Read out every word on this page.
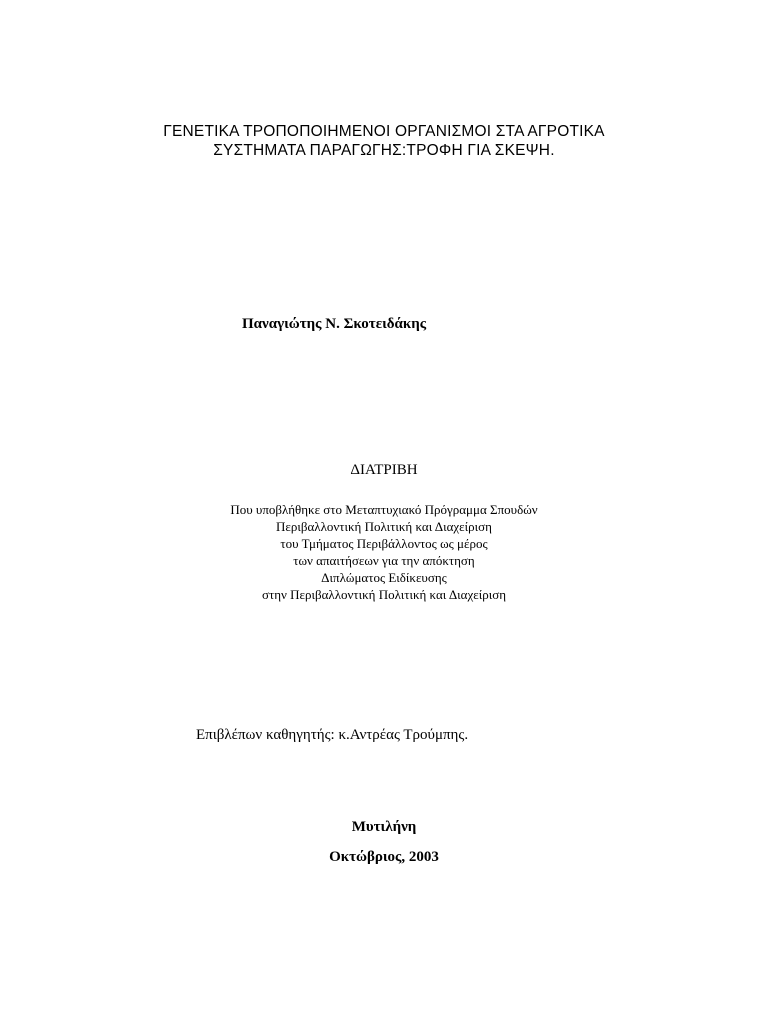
ΓΕΝΕΤΙΚΑ ΤΡΟΠΟΠΟΙΗΜΕΝΟΙ ΟΡΓΑΝΙΣΜΟΙ ΣΤΑ ΑΓΡΟΤΙΚΑ
ΣΥΣΤΗΜΑΤΑ ΠΑΡΑΓΩΓΗΣ:ΤΡΟΦΗ ΓΙΑ ΣΚΕΨΗ.
Παναγιώτης Ν. Σκοτειδάκης
ΔΙΑΤΡΙΒΗ
Που υποβλήθηκε στο Μεταπτυχιακό Πρόγραμμα Σπουδών
Περιβαλλοντική Πολιτική και Διαχείριση
του Τμήματος Περιβάλλοντος ως μέρος
των απαιτήσεων για την απόκτηση
Διπλώματος Ειδίκευσης
στην Περιβαλλοντική Πολιτική και Διαχείριση
Επιβλέπων καθηγητής: κ.Αντρέας Τρούμπης.
Μυτιλήνη
Οκτώβριος, 2003
